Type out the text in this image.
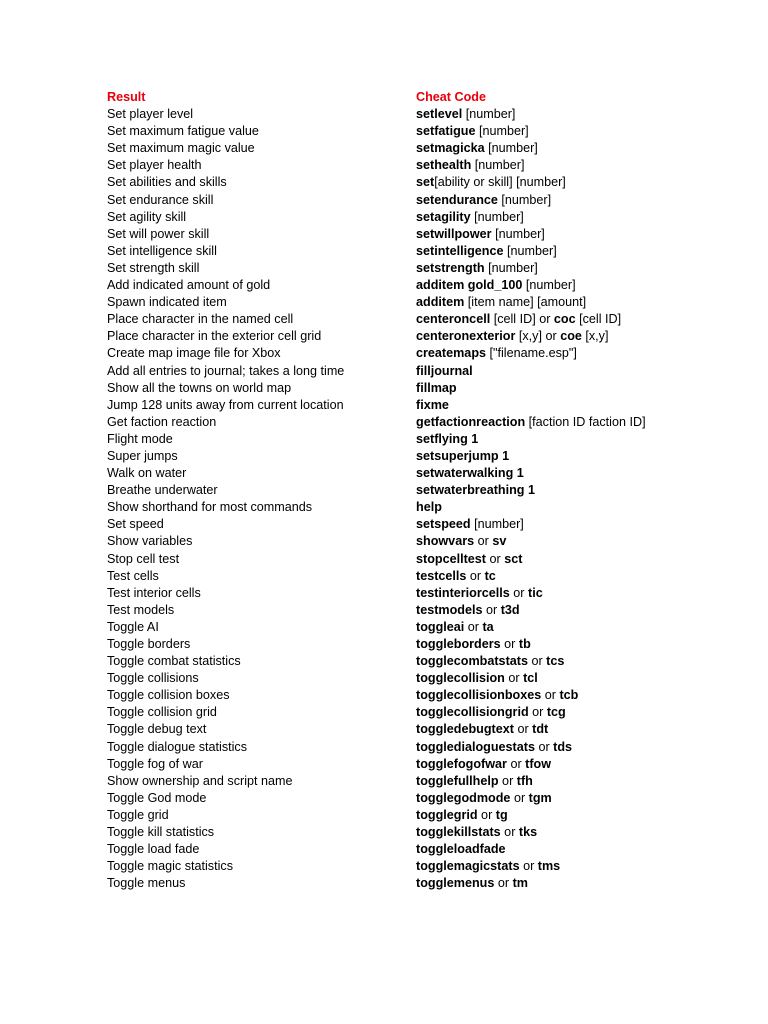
Result	Cheat Code
Set player level	setlevel [number]
Set maximum fatigue value	setfatigue [number]
Set maximum magic value	setmagicka [number]
Set player health	sethealth [number]
Set abilities and skills	set[ability or skill] [number]
Set endurance skill	setendurance [number]
Set agility skill	setagility [number]
Set will power skill	setwillpower [number]
Set intelligence skill	setintelligence [number]
Set strength skill	setstrength [number]
Add indicated amount of gold	additem gold_100 [number]
Spawn indicated item	additem [item name] [amount]
Place character in the named cell	centeroncell [cell ID] or coc [cell ID]
Place character in the exterior cell grid	centeronexterior [x,y] or coe [x,y]
Create map image file for Xbox	createmaps ["filename.esp"]
Add all entries to journal; takes a long time	filljournal
Show all the towns on world map	fillmap
Jump 128 units away from current location	fixme
Get faction reaction	getfactionreaction [faction ID faction ID]
Flight mode	setflying 1
Super jumps	setsuperjump 1
Walk on water	setwaterwalking 1
Breathe underwater	setwaterbreathing 1
Show shorthand for most commands	help
Set speed	setspeed [number]
Show variables	showvars or sv
Stop cell test	stopcelltest or sct
Test cells	testcells or tc
Test interior cells	testinteriorcells or tic
Test models	testmodels or t3d
Toggle AI	toggleai or ta
Toggle borders	toggleborders or tb
Toggle combat statistics	togglecombatstats or tcs
Toggle collisions	togglecollision or tcl
Toggle collision boxes	togglecollisionboxes or tcb
Toggle collision grid	togglecollisiongrid or tcg
Toggle debug text	toggledebugtext or tdt
Toggle dialogue statistics	toggledialoguestats or tds
Toggle fog of war	togglefogofwar or tfow
Show ownership and script name	togglefullhelp or tfh
Toggle God mode	togglegodmode or tgm
Toggle grid	togglegrid or tg
Toggle kill statistics	togglekillstats or tks
Toggle load fade	toggleloadfade
Toggle magic statistics	togglemagicstats or tms
Toggle menus	togglemenus or tm
